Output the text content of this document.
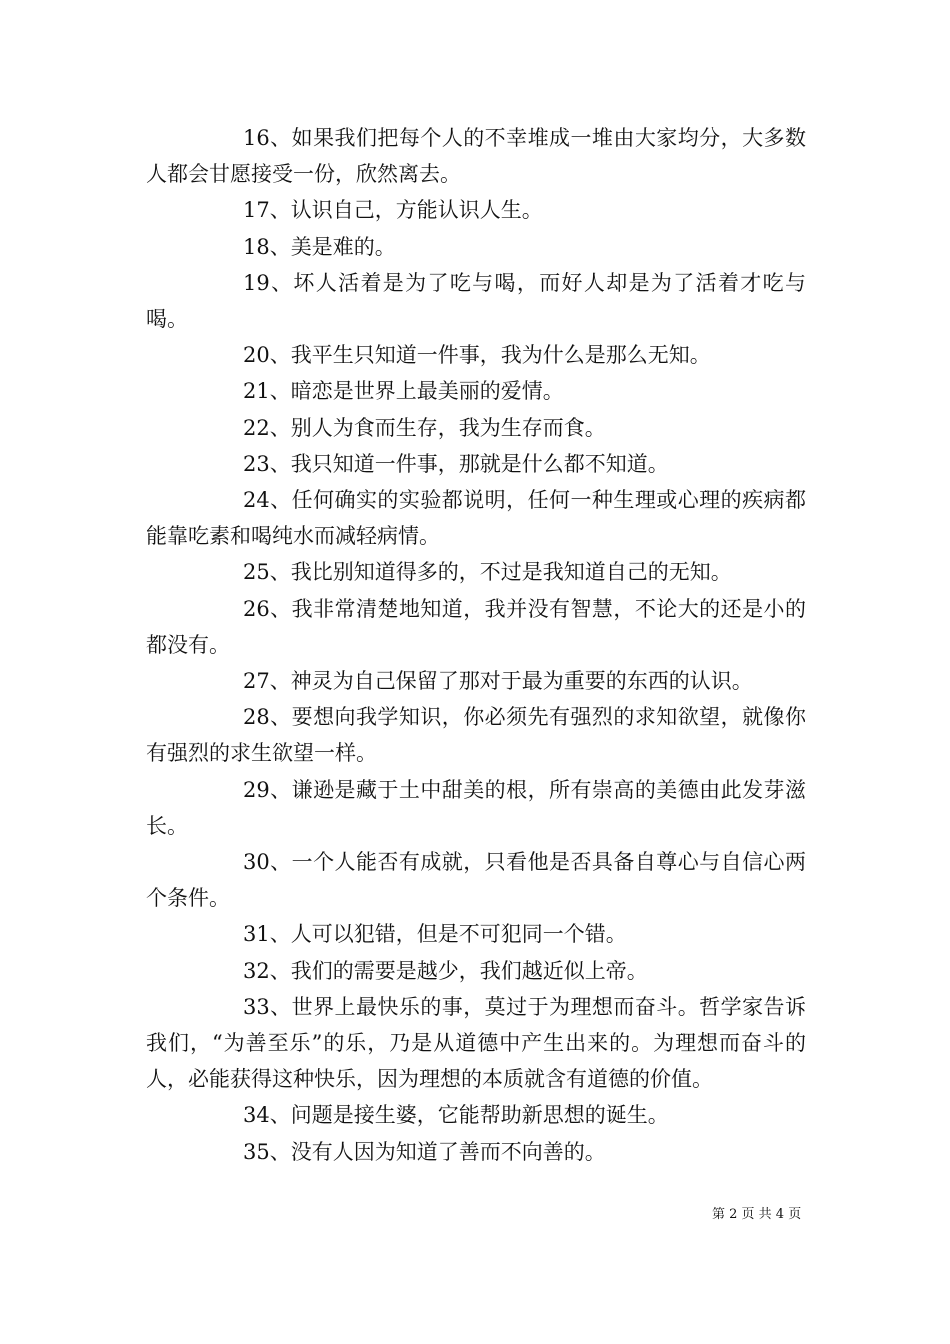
16、如果我们把每个人的不幸堆成一堆由大家均分，大多数人都会甘愿接受一份，欣然离去。

17、认识自己，方能认识人生。

18、美是难的。

19、坏人活着是为了吃与喝，而好人却是为了活着才吃与喝。

20、我平生只知道一件事，我为什么是那么无知。

21、暗恋是世界上最美丽的爱情。

22、别人为食而生存，我为生存而食。

23、我只知道一件事，那就是什么都不知道。

24、任何确实的实验都说明，任何一种生理或心理的疾病都能靠吃素和喝纯水而减轻病情。

25、我比别知道得多的，不过是我知道自己的无知。

26、我非常清楚地知道，我并没有智慧，不论大的还是小的都没有。

27、神灵为自己保留了那对于最为重要的东西的认识。

28、要想向我学知识，你必须先有强烈的求知欲望，就像你有强烈的求生欲望一样。

29、谦逊是藏于土中甜美的根，所有崇高的美德由此发芽滋长。

30、一个人能否有成就，只看他是否具备自尊心与自信心两个条件。

31、人可以犯错，但是不可犯同一个错。

32、我们的需要是越少，我们越近似上帝。

33、世界上最快乐的事，莫过于为理想而奋斗。哲学家告诉我们，“为善至乐”的乐，乃是从道德中产生出来的。为理想而奋斗的人，必能获得这种快乐，因为理想的本质就含有道德的价值。

34、问题是接生婆，它能帮助新思想的诞生。

35、没有人因为知道了善而不向善的。

第 2 页 共 4 页
